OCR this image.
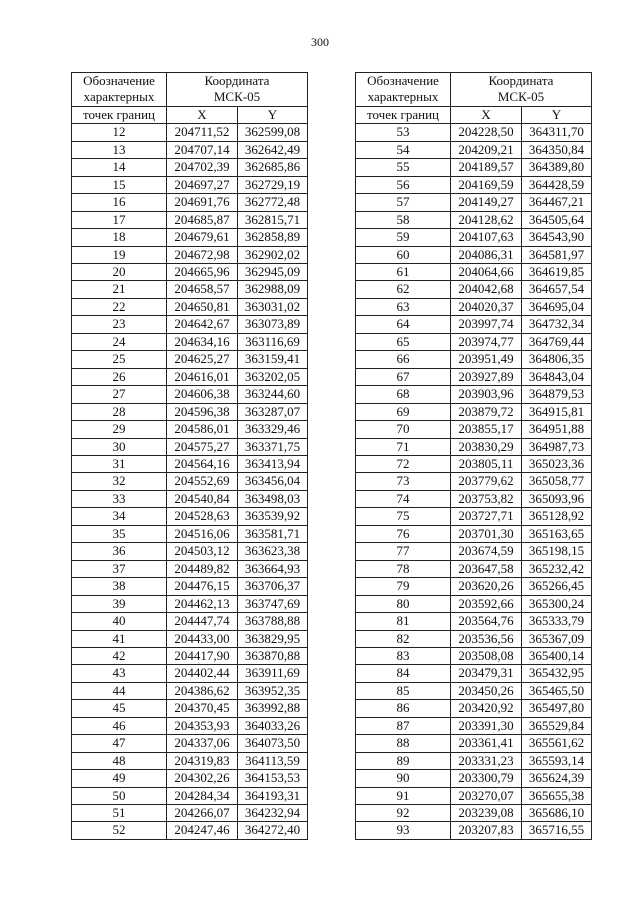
300
Обозначение
характерных	Координата
МСК-05	

точек границ	X	Y
12	204711,52	362599,08
13	204707,14	362642,49
14	204702,39	362685,86
15	204697,27	362729,19
16	204691,76	362772,48
17	204685,87	362815,71
18	204679,61	362858,89
19	204672,98	362902,02
20	204665,96	362945,09
21	204658,57	362988,09
22	204650,81	363031,02
23	204642,67	363073,89
24	204634,16	363116,69
25	204625,27	363159,41
26	204616,01	363202,05
27	204606,38	363244,60
28	204596,38	363287,07
29	204586,01	363329,46
30	204575,27	363371,75
31	204564,16	363413,94
32	204552,69	363456,04
33	204540,84	363498,03
34	204528,63	363539,92
35	204516,06	363581,71
36	204503,12	363623,38
37	204489,82	363664,93
38	204476,15	363706,37
39	204462,13	363747,69
40	204447,74	363788,88
41	204433,00	363829,95
42	204417,90	363870,88
43	204402,44	363911,69
44	204386,62	363952,35
45	204370,45	363992,88
46	204353,93	364033,26
47	204337,06	364073,50
48	204319,83	364113,59
49	204302,26	364153,53
50	204284,34	364193,31
51	204266,07	364232,94
52	204247,46	364272,40
Обозначение
характерных	Координата
МСК-05	

точек границ	X	Y
53	204228,50	364311,70
54	204209,21	364350,84
55	204189,57	364389,80
56	204169,59	364428,59
57	204149,27	364467,21
58	204128,62	364505,64
59	204107,63	364543,90
60	204086,31	364581,97
61	204064,66	364619,85
62	204042,68	364657,54
63	204020,37	364695,04
64	203997,74	364732,34
65	203974,77	364769,44
66	203951,49	364806,35
67	203927,89	364843,04
68	203903,96	364879,53
69	203879,72	364915,81
70	203855,17	364951,88
71	203830,29	364987,73
72	203805,11	365023,36
73	203779,62	365058,77
74	203753,82	365093,96
75	203727,71	365128,92
76	203701,30	365163,65
77	203674,59	365198,15
78	203647,58	365232,42
79	203620,26	365266,45
80	203592,66	365300,24
81	203564,76	365333,79
82	203536,56	365367,09
83	203508,08	365400,14
84	203479,31	365432,95
85	203450,26	365465,50
86	203420,92	365497,80
87	203391,30	365529,84
88	203361,41	365561,62
89	203331,23	365593,14
90	203300,79	365624,39
91	203270,07	365655,38
92	203239,08	365686,10
93	203207,83	365716,55
